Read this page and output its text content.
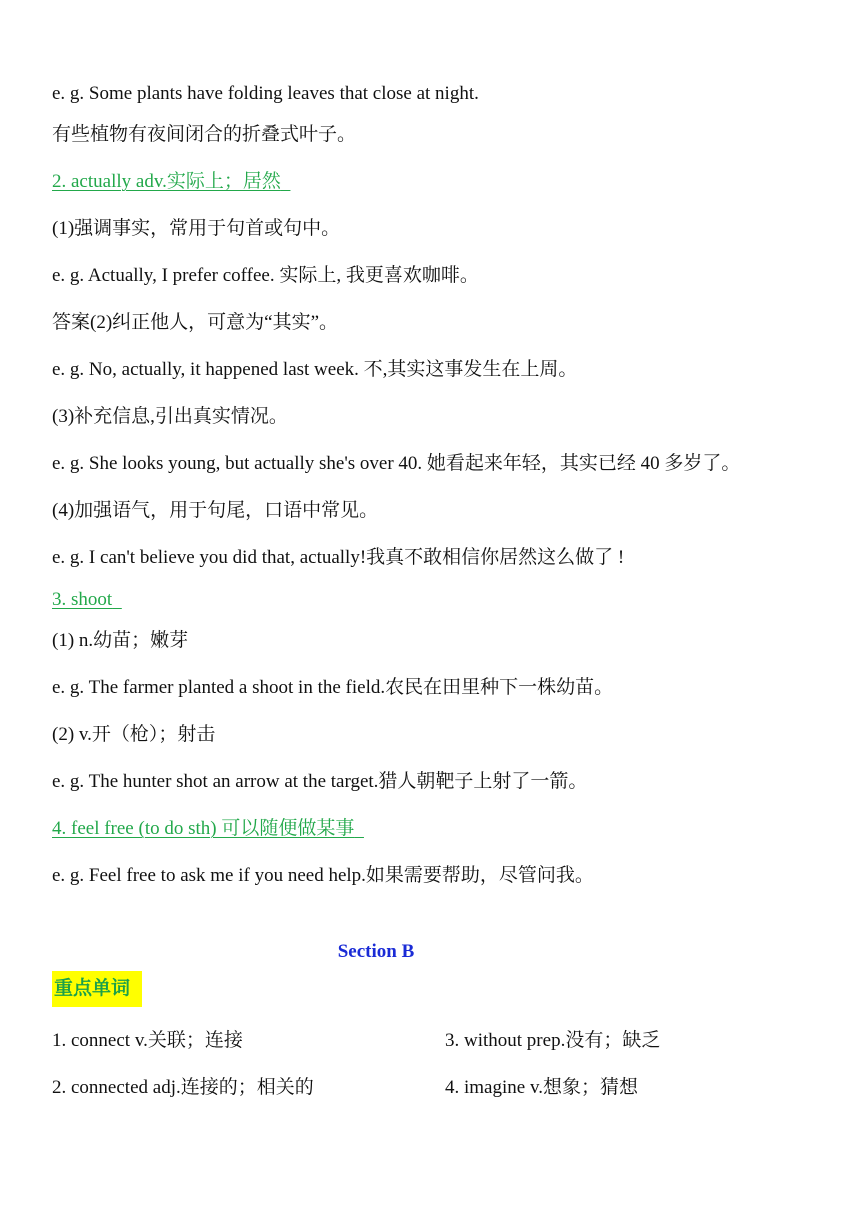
e. g. Some plants have folding leaves that close at night.
有些植物有夜间闭合的折叠式叶子。
2. actually adv.实际上；居然
(1)强调事实，常用于句首或句中。
e. g. Actually, I prefer coffee. 实际上, 我更喜欢咖啡。
答案(2)纠正他人，可意为“其实”。
e. g. No, actually, it happened last week. 不,其实这事发生在上周。
(3)补充信息,引出真实情况。
e. g. She looks young, but actually she's over 40. 她看起来年轻，其实已经 40 多岁了。
(4)加强语气，用于句尾，口语中常见。
e. g. I can't believe you did that, actually!我真不敢相信你居然这么做了 !
3. shoot
(1) n.幼苗；嫩芽
e. g. The farmer planted a shoot in the field.农民在田里种下一株幼苗。
(2) v.开（枪）；射击
e. g. The hunter shot an arrow at the target.猎人朝靶子上射了一箭。
4. feel free (to do sth) 可以随便做某事
e. g. Feel free to ask me if you need help.如果需要帮助，尽管问我。
Section B
重点单词
1. connect v.关联；连接
2. connected adj.连接的；相关的
3. without prep.没有；缺乏
4. imagine v.想象；猜想
